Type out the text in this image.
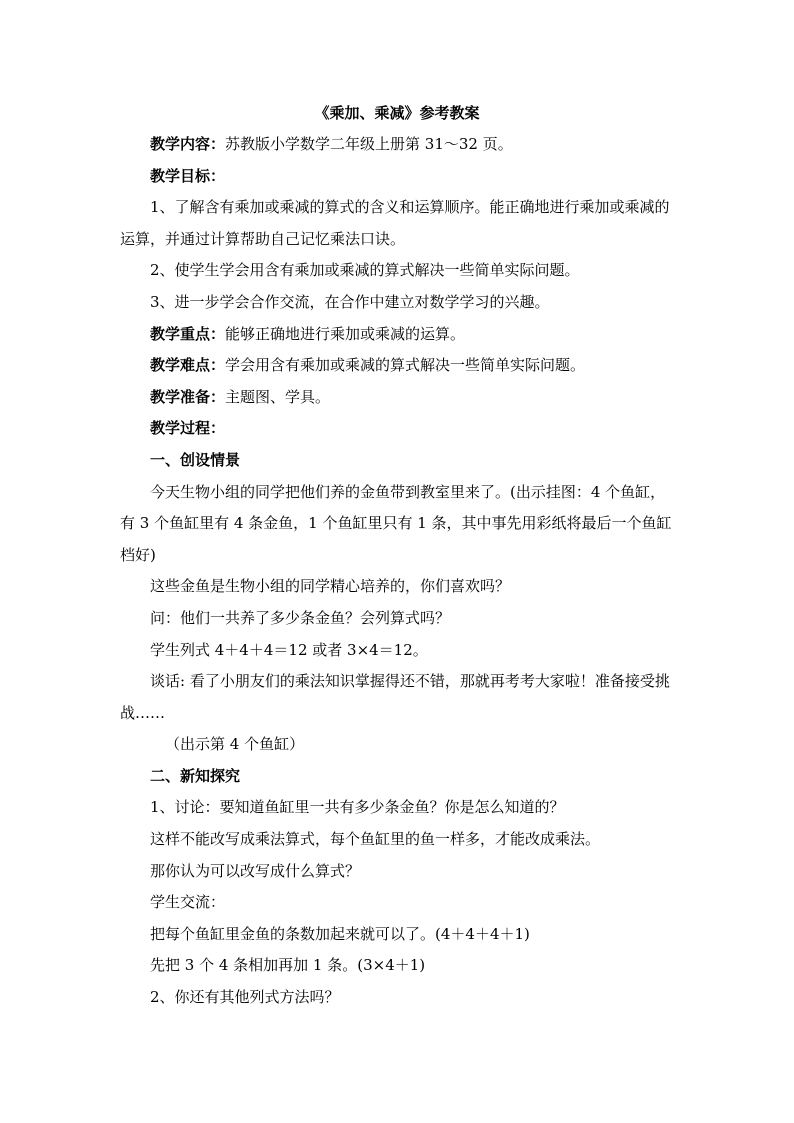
《乘加、乘减》参考教案

教学内容：苏教版小学数学二年级上册第 31～32 页。

教学目标：

1、了解含有乘加或乘减的算式的含义和运算顺序。能正确地进行乘加或乘减的运算，并通过计算帮助自己记忆乘法口诀。

2、使学生学会用含有乘加或乘减的算式解决一些简单实际问题。

3、进一步学会合作交流，在合作中建立对数学学习的兴趣。

教学重点：能够正确地进行乘加或乘减的运算。

教学难点：学会用含有乘加或乘减的算式解决一些简单实际问题。

教学准备：主题图、学具。

教学过程：

一、创设情景

今天生物小组的同学把他们养的金鱼带到教室里来了。(出示挂图：4 个鱼缸，有 3 个鱼缸里有 4 条金鱼，1 个鱼缸里只有 1 条，其中事先用彩纸将最后一个鱼缸档好)

这些金鱼是生物小组的同学精心培养的，你们喜欢吗？

问：他们一共养了多少条金鱼？会列算式吗？

学生列式 4＋4＋4＝12 或者 3×4＝12。

谈话: 看了小朋友们的乘法知识掌握得还不错，那就再考考大家啦！准备接受挑战……

（出示第 4 个鱼缸）

二、新知探究

1、讨论：要知道鱼缸里一共有多少条金鱼？你是怎么知道的？

这样不能改写成乘法算式，每个鱼缸里的鱼一样多，才能改成乘法。

那你认为可以改写成什么算式？

学生交流：

把每个鱼缸里金鱼的条数加起来就可以了。(4＋4＋4＋1)

先把 3 个 4 条相加再加 1 条。(3×4＋1)

2、你还有其他列式方法吗？
